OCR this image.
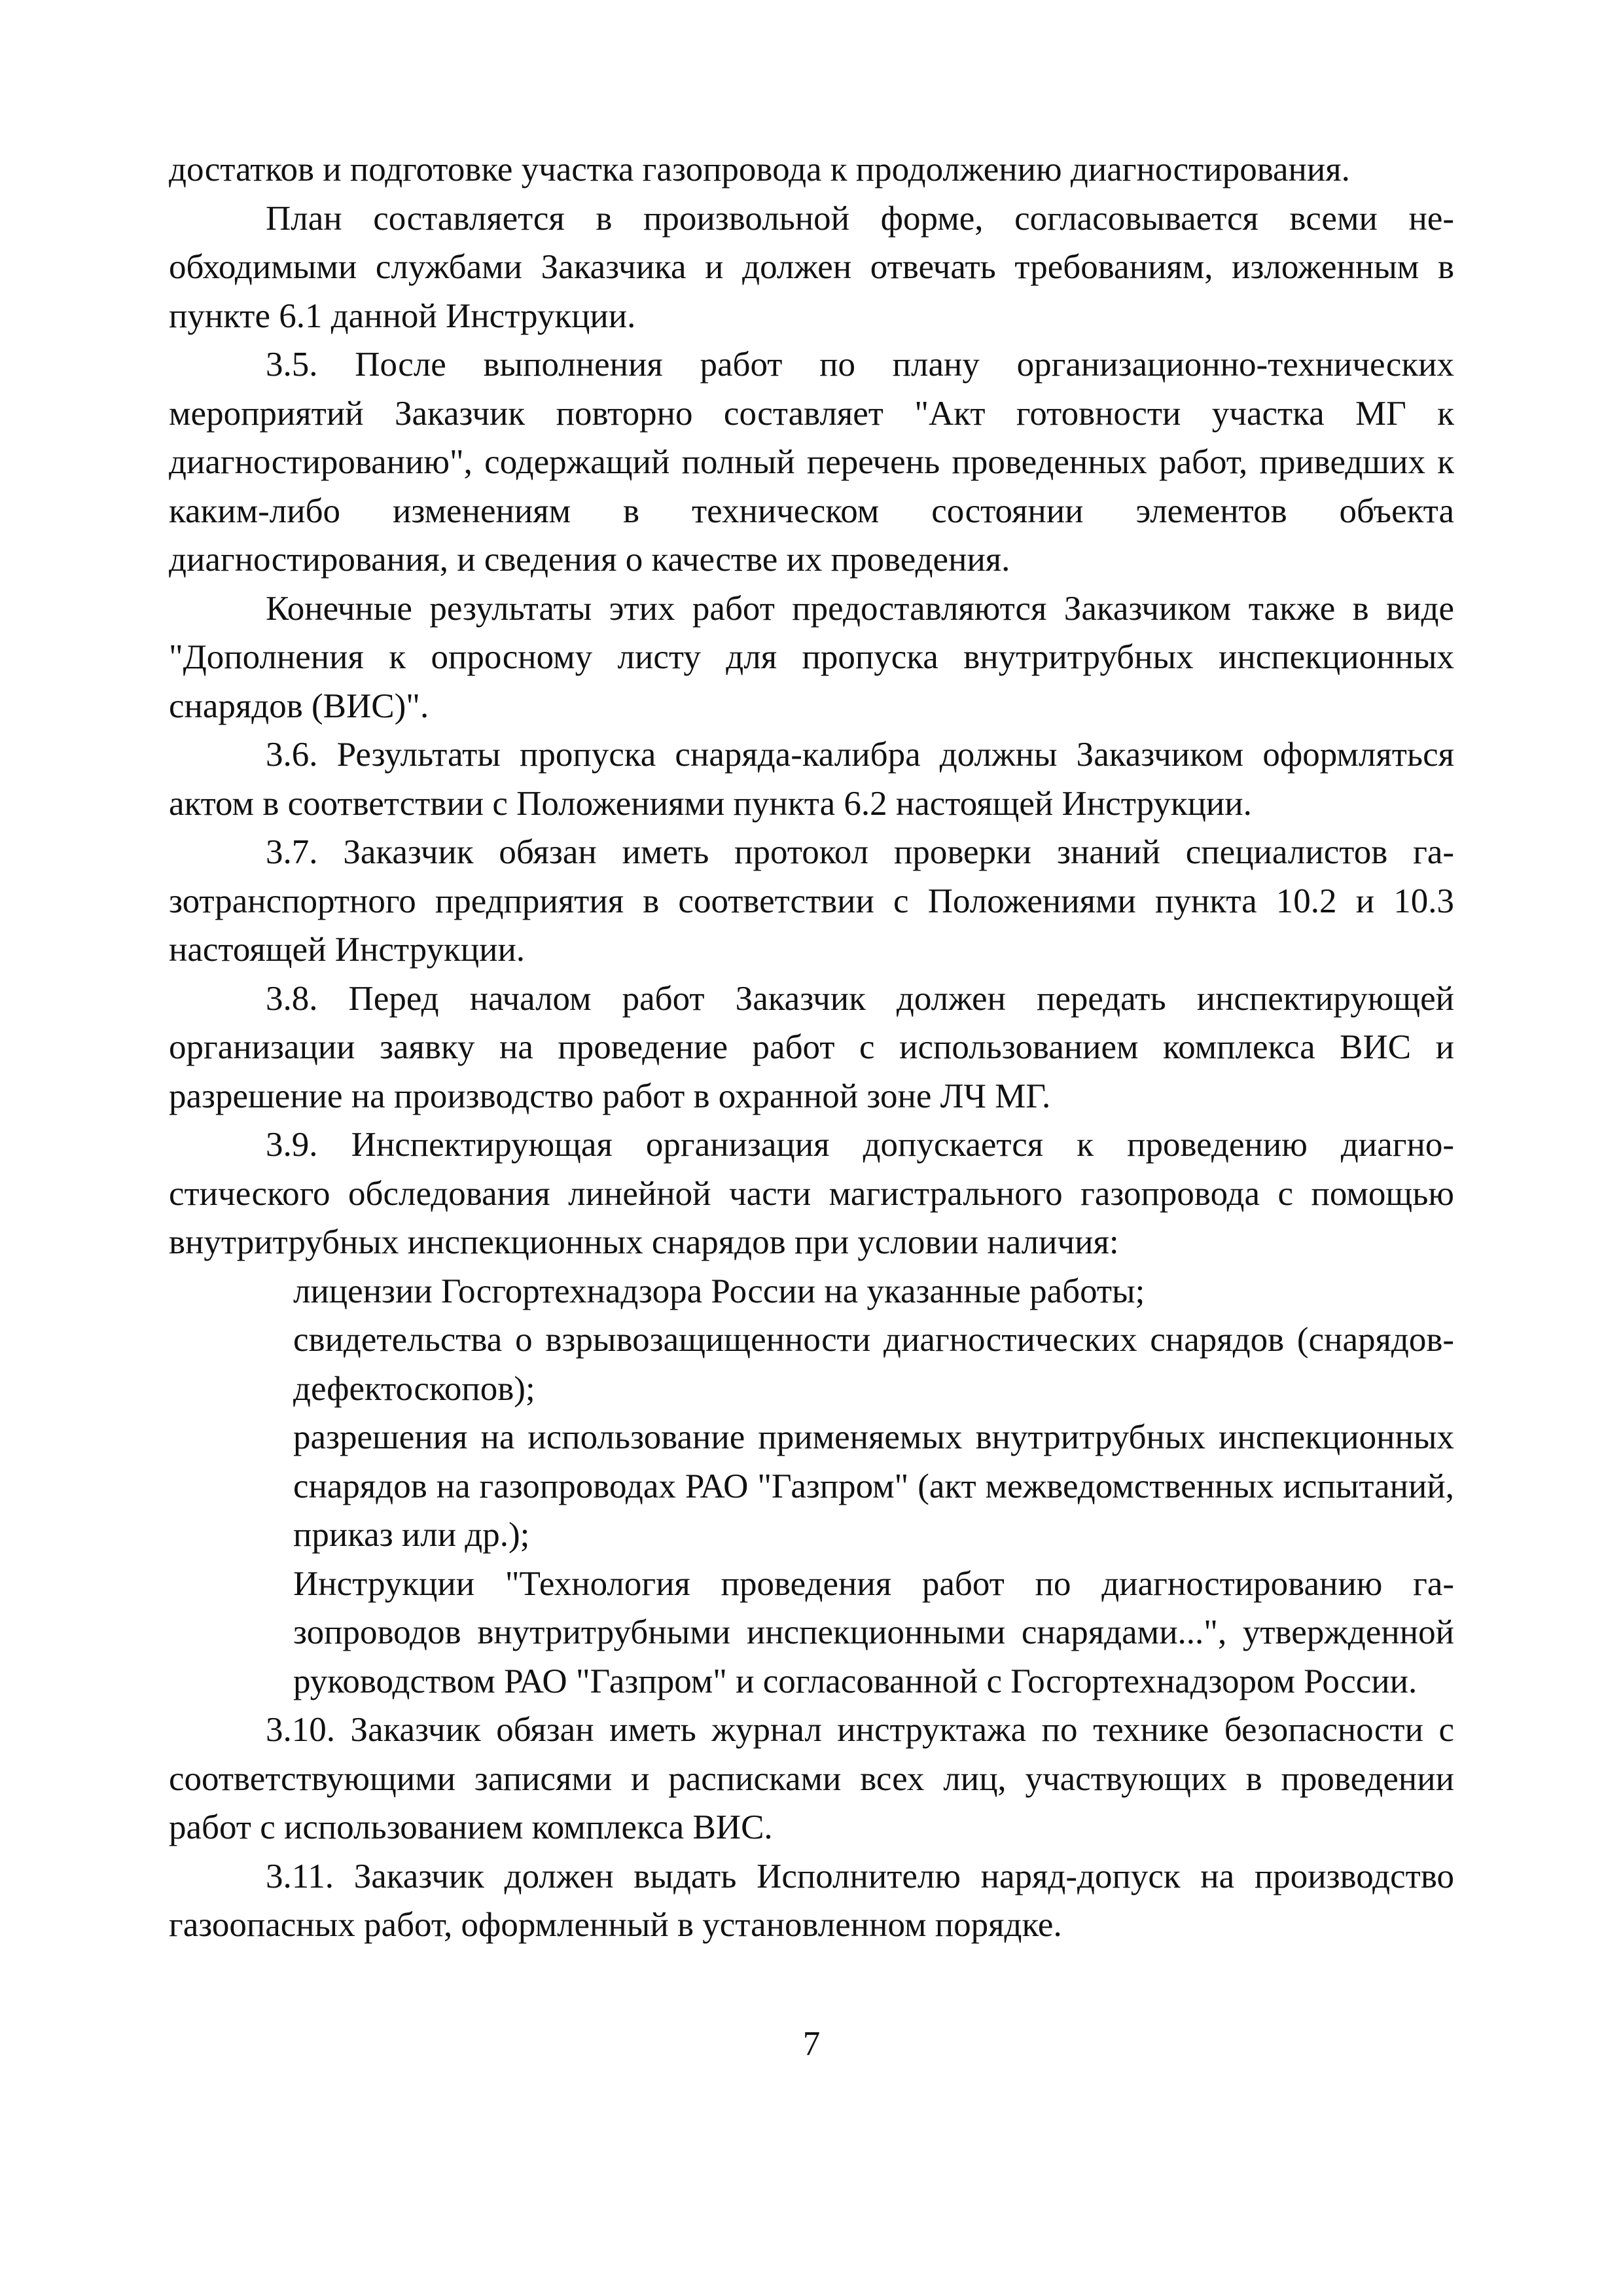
достатков и подготовке участка газопровода к продолжению диагностирования.

План составляется в произвольной форме, согласовывается всеми необходимыми службами Заказчика и должен отвечать требованиям, изложенным в пункте 6.1 данной Инструкции.

3.5. После выполнения работ по плану организационно-технических мероприятий Заказчик повторно составляет "Акт готовности участка МГ к диагностированию", содержащий полный перечень проведенных работ, приведших к каким-либо изменениям в техническом состоянии элементов объекта диагностирования, и сведения о качестве их проведения.

Конечные результаты этих работ предоставляются Заказчиком также в виде "Дополнения к опросному листу для пропуска внутритрубных инспекционных снарядов (ВИС)".

3.6. Результаты пропуска снаряда-калибра должны Заказчиком оформляться актом в соответствии с Положениями пункта 6.2 настоящей Инструкции.

3.7. Заказчик обязан иметь протокол проверки знаний специалистов газотранспортного предприятия в соответствии с Положениями пункта 10.2 и 10.3 настоящей Инструкции.

3.8. Перед началом работ Заказчик должен передать инспектирующей организации заявку на проведение работ с использованием комплекса ВИС и разрешение на производство работ в охранной зоне ЛЧ МГ.

3.9. Инспектирующая организация допускается к проведению диагностического обследования линейной части магистрального газопровода с помощью внутритрубных инспекционных снарядов при условии наличия:

лицензии Госгортехнадзора России на указанные работы;

свидетельства о взрывозащищенности диагностических снарядов (снарядов-дефектоскопов);

разрешения на использование применяемых внутритрубных инспекционных снарядов на газопроводах РАО "Газпром" (акт межведомственных испытаний, приказ или др.);

Инструкции "Технология проведения работ по диагностированию газопроводов внутритрубными инспекционными снарядами...", утвержденной руководством РАО "Газпром" и согласованной с Госгортехнадзором России.

3.10. Заказчик обязан иметь журнал инструктажа по технике безопасности с соответствующими записями и расписками всех лиц, участвующих в проведении работ с использованием комплекса ВИС.

3.11. Заказчик должен выдать Исполнителю наряд-допуск на производство газоопасных работ, оформленный в установленном порядке.

7
